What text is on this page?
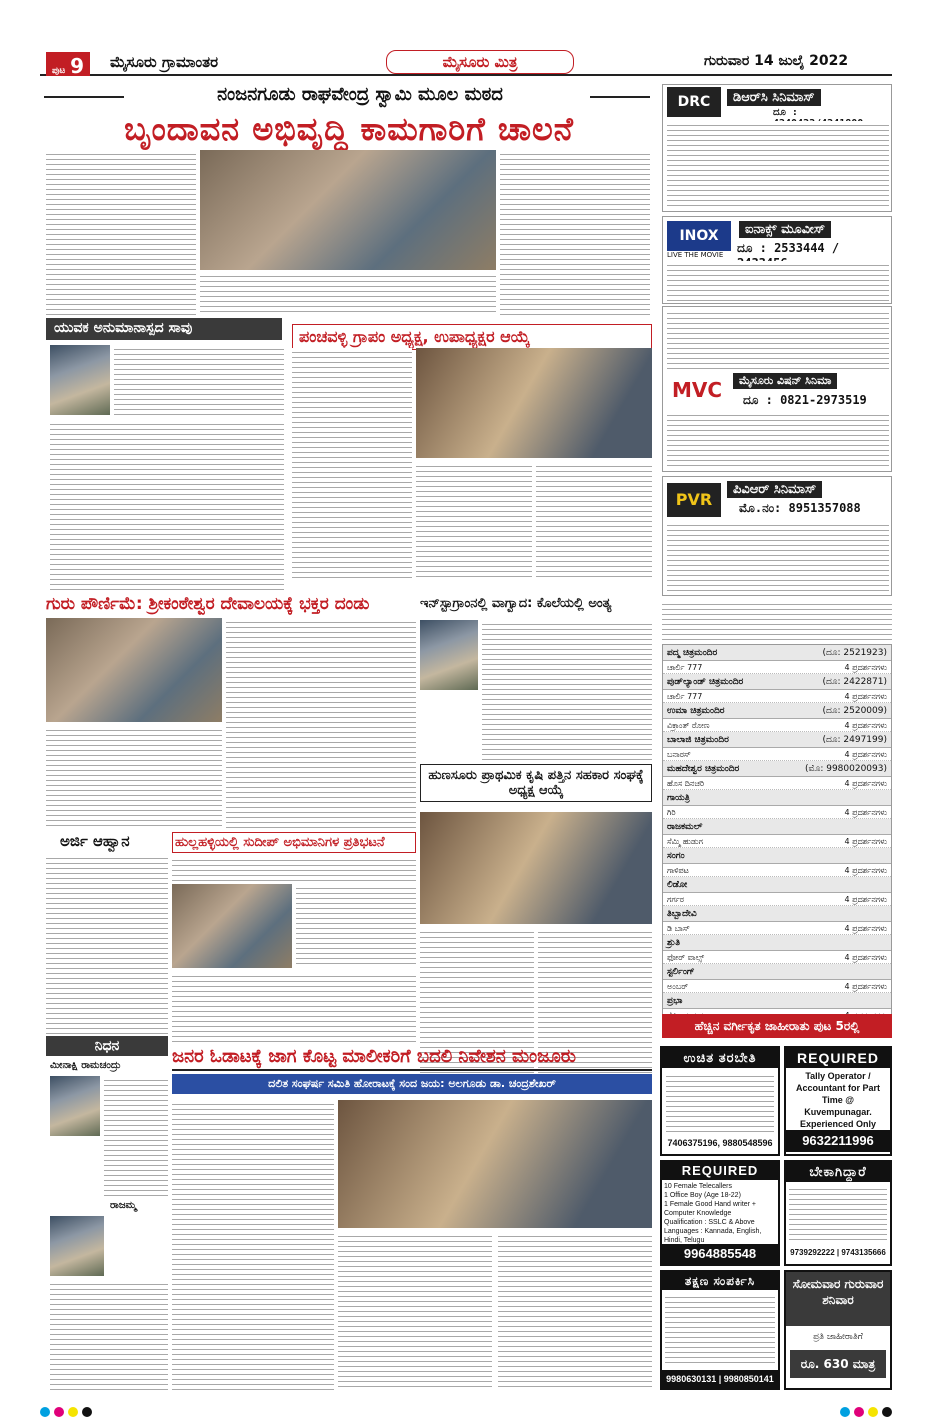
ಪುಟ 9	ಮೈಸೂರು ಗ್ರಾಮಾಂತರ	ಮೈಸೂರು ಮಿತ್ರ	ಗುರುವಾರ 14 ಜುಲೈ 2022
ನಂಜನಗೂಡು ರಾಘವೇಂದ್ರ ಸ್ವಾಮಿ ಮೂಲ ಮಠದ
ಬೃಂದಾವನ ಅಭಿವೃದ್ಧಿ ಕಾಮಗಾರಿಗೆ ಚಾಲನೆ
ಯುವಕ ಅನುಮಾನಾಸ್ಪದ ಸಾವು	ಪಂಚವಳ್ಳಿ ಗ್ರಾಪಂ ಅಧ್ಯಕ್ಷ, ಉಪಾಧ್ಯಕ್ಷರ ಆಯ್ಕೆ
ಗುರು ಪೌರ್ಣಿಮೆ: ಶ್ರೀಕಂಠೇಶ್ವರ ದೇವಾಲಯಕ್ಕೆ ಭಕ್ತರ ದಂಡು	ಇನ್‌ಸ್ಟಾಗ್ರಾಂನಲ್ಲಿ ವಾಗ್ವಾದ: ಕೊಲೆಯಲ್ಲಿ ಅಂತ್ಯ
ಹುಣಸೂರು ಪ್ರಾಥಮಿಕ ಕೃಷಿ ಪತ್ತಿನ ಸಹಕಾರ ಸಂಘಕ್ಕೆ ಅಧ್ಯಕ್ಷ ಆಯ್ಕೆ
ಅರ್ಜಿ ಆಹ್ವಾನ	ಹುಲ್ಲಹಳ್ಳಿಯಲ್ಲಿ ಸುದೀಪ್ ಅಭಿಮಾನಿಗಳ ಪ್ರತಿಭಟನೆ
ನಿಧನ
ಮೀನಾಕ್ಷಿ ರಾಮಚಂದ್ರು
ರಾಜಮ್ಮ
ಜನರ ಓಡಾಟಕ್ಕೆ ಜಾಗ ಕೊಟ್ಟ ಮಾಲೀಕರಿಗೆ ಬದಲಿ ನಿವೇಶನ ಮಂಜೂರು
ದಲಿತ ಸಂಘರ್ಷ ಸಮಿತಿ ಹೋರಾಟಕ್ಕೆ ಸಂದ ಜಯ: ಅಲಗೂಡು ಡಾ. ಚಂದ್ರಶೇಖರ್
DRC	ಡಿಆರ್‌ಸಿ ಸಿನಿಮಾಸ್
ದೂ :
INOX
LIVE THE MOVIE
ಐನಾಕ್ಸ್ ಮೂವೀಸ್
ದೂ : 2533444 /
MVC	ಮೈಸೂರು ವಿಷನ್ ಸಿನಿಮಾ
ದೂ : 0821-2973519
PVR
ಪಿವಿಆರ್ ಸಿನಿಮಾಸ್
ಮೊ.ನಂ: 8951357088
ಪದ್ಮ ಚಿತ್ರಮಂದಿರ	(ದೂ: 2521923)
ಚಾರ್ಲಿ 777	4 ಪ್ರದರ್ಶನಗಳು
ಪುಡ್‌ಲ್ಯಾಂಡ್ ಚಿತ್ರಮಂದಿರ	(ದೂ: 2422871)
ಚಾರ್ಲಿ 777	4 ಪ್ರದರ್ಶನಗಳು
ಉಮಾ ಚಿತ್ರಮಂದಿರ	(ದೂ: 2520009)
ವಿಕ್ರಾಂತ್ ರೋಣ	4 ಪ್ರದರ್ಶನಗಳು
ಬಾಲಾಜಿ ಚಿತ್ರಮಂದಿರ	(ದೂ: 2497199)
ಬನಾರಸ್	4 ಪ್ರದರ್ಶನಗಳು
ಮಹದೇಶ್ವರ ಚಿತ್ರಮಂದಿರ	(ಮೊ: 9980020093)
ಹೊಸ ದಿನಚರಿ	4 ಪ್ರದರ್ಶನಗಳು
ಗಾಯತ್ರಿ
ಗಿರಿ	4 ಪ್ರದರ್ಶನಗಳು
ರಾಜಕಮಲ್
ಸೆಮ್ಮಿ ಹುಡುಗ	4 ಪ್ರದರ್ಶನಗಳು
ಸಂಗಂ
ಗಾಳಿಪಟ	4 ಪ್ರದರ್ಶನಗಳು
ಲಿಡೋ
ಗರ್ಗರ	4 ಪ್ರದರ್ಶನಗಳು
ತಿಬ್ಬಾದೇವಿ
ಡಿ ಬಾಸ್	4 ಪ್ರದರ್ಶನಗಳು
ಶ್ರುತಿ
ಫೋರ್ ವಾಲ್ಸ್	4 ಪ್ರದರ್ಶನಗಳು
ಸ್ಟರ್ಲಿಂಗ್
ಅಂಬರ್	4 ಪ್ರದರ್ಶನಗಳು
ಪ್ರಭಾ
ಹೆಚ್ಚಿನ ವರ್ಗೀಕೃತ ಜಾಹೀರಾತು ಪುಟ 5ರಲ್ಲಿ
ಉಚಿತ ತರಬೇತಿ
7406375196, 9880548596
REQUIRED
Tally Operator / Accountant for Part Time @ Kuvempunagar. Experienced Only
9632211996
REQUIRED
10 Female Telecallers
1 Office Boy (Age 18-22)
1 Female Good Hand writer + Computer Knowledge
Qualification : SSLC & Above
Languages : Kannada, English, Hindi, Telugu
9964885548
ಬೇಕಾಗಿದ್ದಾರೆ
9739292222 | 9743135666
ತಕ್ಷಣ ಸಂಪರ್ಕಿಸಿ
9980630131 | 9980850141
ಸೋಮವಾರ ಗುರುವಾರ ಶನಿವಾರ
ಪ್ರತಿ ಜಾಹೀರಾತಿಗೆ
ರೂ. 630 ಮಾತ್ರ
